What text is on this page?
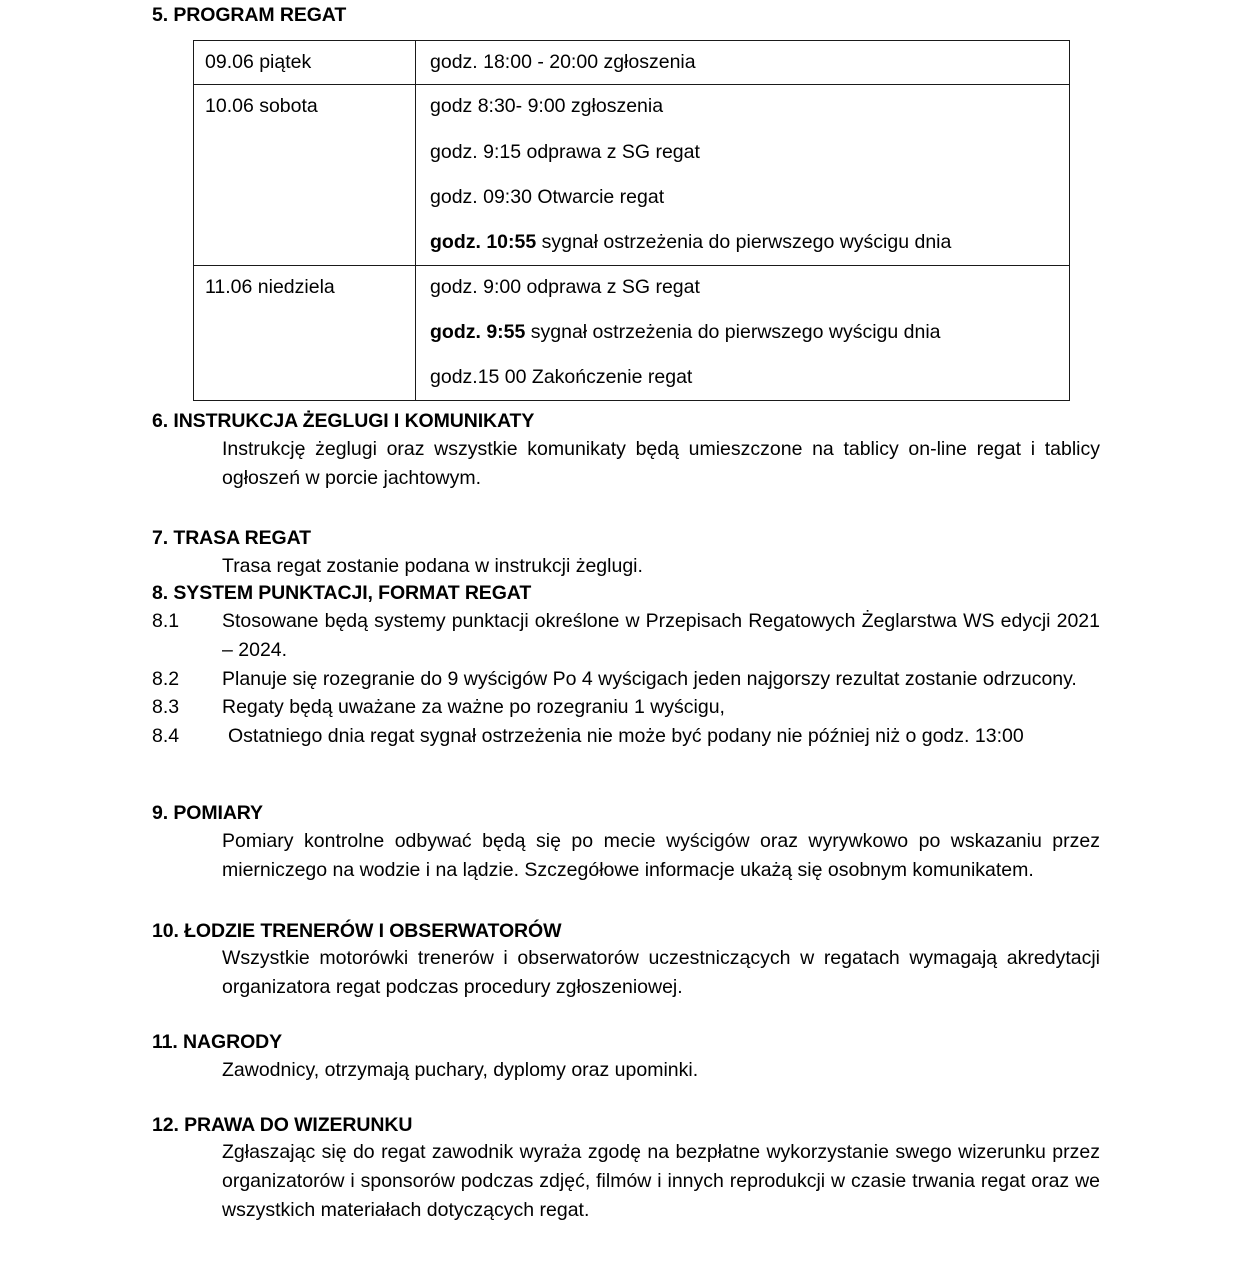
5. PROGRAM REGAT
09.06 piątek	godz. 18:00 - 20:00 zgłoszenia

10.06 sobota	godz 8:30- 9:00 zgłoszenia
godz. 9:15 odprawa z SG regat
godz. 09:30 Otwarcie regat
godz. 10:55 sygnał ostrzeżenia do pierwszego wyścigu dnia

11.06 niedziela	godz. 9:00 odprawa z SG regat
godz. 9:55 sygnał ostrzeżenia do pierwszego wyścigu dnia
godz.15 00 Zakończenie regat
6. INSTRUKCJA ŻEGLUGI I KOMUNIKATY
Instrukcję żeglugi oraz wszystkie komunikaty będą umieszczone na tablicy on-line regat i tablicy ogłoszeń w porcie jachtowym.
7. TRASA REGAT
Trasa regat zostanie podana w instrukcji żeglugi.
8. SYSTEM PUNKTACJI, FORMAT REGAT
8.1	Stosowane będą systemy punktacji określone w Przepisach Regatowych Żeglarstwa WS edycji 2021 – 2024.
8.2	Planuje się rozegranie do 9 wyścigów Po 4 wyścigach jeden najgorszy rezultat zostanie odrzucony.
8.3	Regaty będą uważane za ważne po rozegraniu 1 wyścigu,
8.4	Ostatniego dnia regat sygnał ostrzeżenia nie może być podany nie później niż o godz. 13:00
9. POMIARY
Pomiary kontrolne odbywać będą się po mecie wyścigów oraz wyrywkowo po wskazaniu przez mierniczego na wodzie i na lądzie. Szczegółowe informacje ukażą się osobnym komunikatem.
10. ŁODZIE TRENERÓW I OBSERWATORÓW
Wszystkie motorówki trenerów i obserwatorów uczestniczących w regatach wymagają akredytacji organizatora regat podczas procedury zgłoszeniowej.
11. NAGRODY
Zawodnicy, otrzymają puchary, dyplomy oraz upominki.
12. PRAWA DO WIZERUNKU
Zgłaszając się do regat zawodnik wyraża zgodę na bezpłatne wykorzystanie swego wizerunku przez organizatorów i sponsorów podczas zdjęć, filmów i innych reprodukcji w czasie trwania regat oraz we wszystkich materiałach dotyczących regat.
